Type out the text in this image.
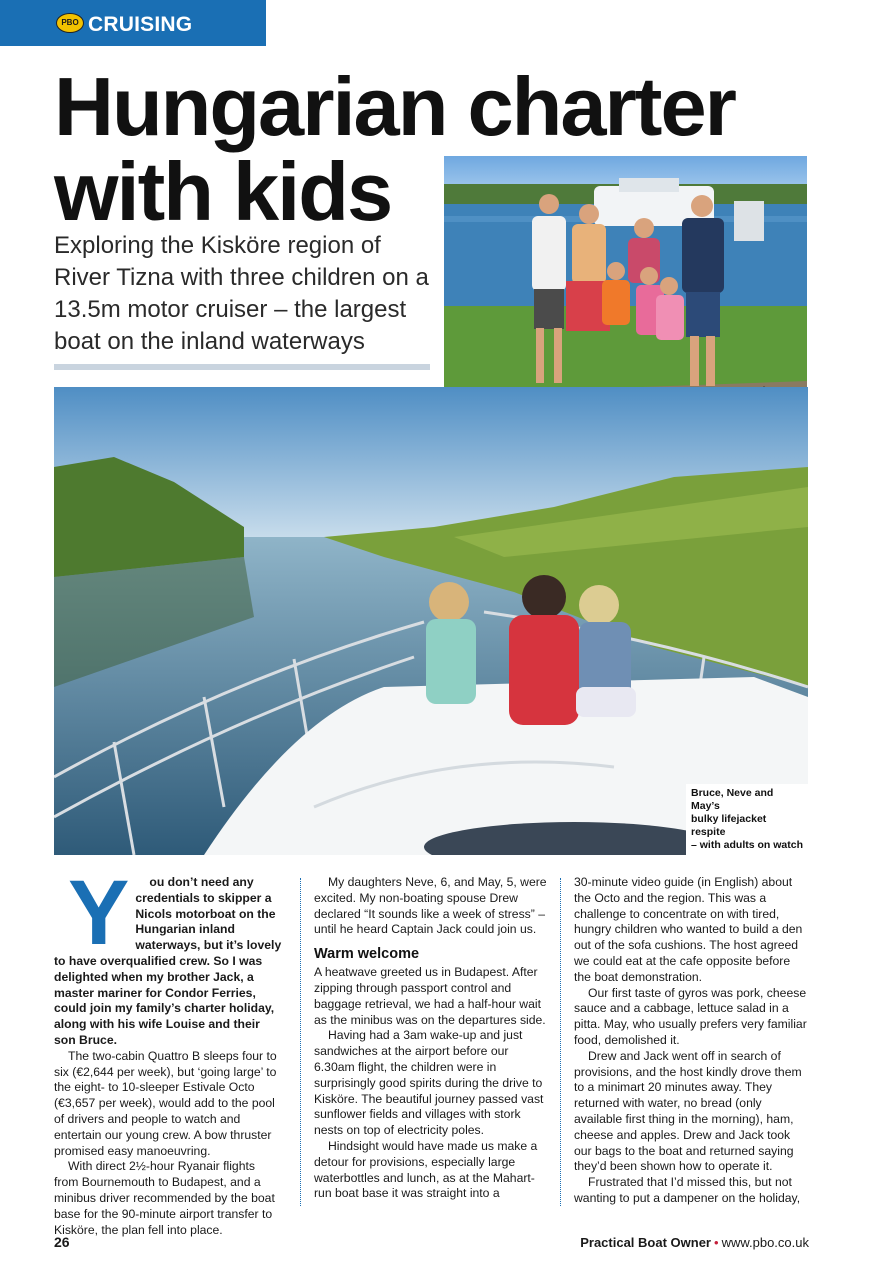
PBO CRUISING
Hungarian charter
with kids

Exploring the Kisköre region of River Tizna with three children on a 13.5m motor cruiser – the largest boat on the inland waterways

Bruce, Neve and May’s
bulky lifejacket respite
– with adults on watch

Y ou don’t need any credentials to skipper a Nicols motorboat on the Hungarian inland waterways, but it’s lovely to have overqualified crew. So I was delighted when my brother Jack, a master mariner for Condor Ferries, could join my family’s charter holiday, along with his wife Louise and their son Bruce.

The two-cabin Quattro B sleeps four to six (€2,644 per week), but ‘going large’ to the eight- to 10-sleeper Estivale Octo (€3,657 per week), would add to the pool of drivers and people to watch and entertain our young crew. A bow thruster promised easy manoeuvring.

With direct 2½-hour Ryanair flights from Bournemouth to Budapest, and a minibus driver recommended by the boat base for the 90-minute airport transfer to Kisköre, the plan fell into place.

My daughters Neve, 6, and May, 5, were excited. My non-boating spouse Drew declared “It sounds like a week of stress” – until he heard Captain Jack could join us.

Warm welcome

A heatwave greeted us in Budapest. After zipping through passport control and baggage retrieval, we had a half-hour wait as the minibus was on the departures side.

Having had a 3am wake-up and just sandwiches at the airport before our 6.30am flight, the children were in surprisingly good spirits during the drive to Kisköre. The beautiful journey passed vast sunflower fields and villages with stork nests on top of electricity poles.

Hindsight would have made us make a detour for provisions, especially large waterbottles and lunch, as at the Mahart-run boat base it was straight into a

30-minute video guide (in English) about the Octo and the region. This was a challenge to concentrate on with tired, hungry children who wanted to build a den out of the sofa cushions. The host agreed we could eat at the cafe opposite before the boat demonstration.

Our first taste of gyros was pork, cheese sauce and a cabbage, lettuce salad in a pitta. May, who usually prefers very familiar food, demolished it.

Drew and Jack went off in search of provisions, and the host kindly drove them to a minimart 20 minutes away. They returned with water, no bread (only available first thing in the morning), ham, cheese and apples. Drew and Jack took our bags to the boat and returned saying they’d been shown how to operate it.

Frustrated that I’d missed this, but not wanting to put a dampener on the holiday,

26	Practical Boat Owner • www.pbo.co.uk
